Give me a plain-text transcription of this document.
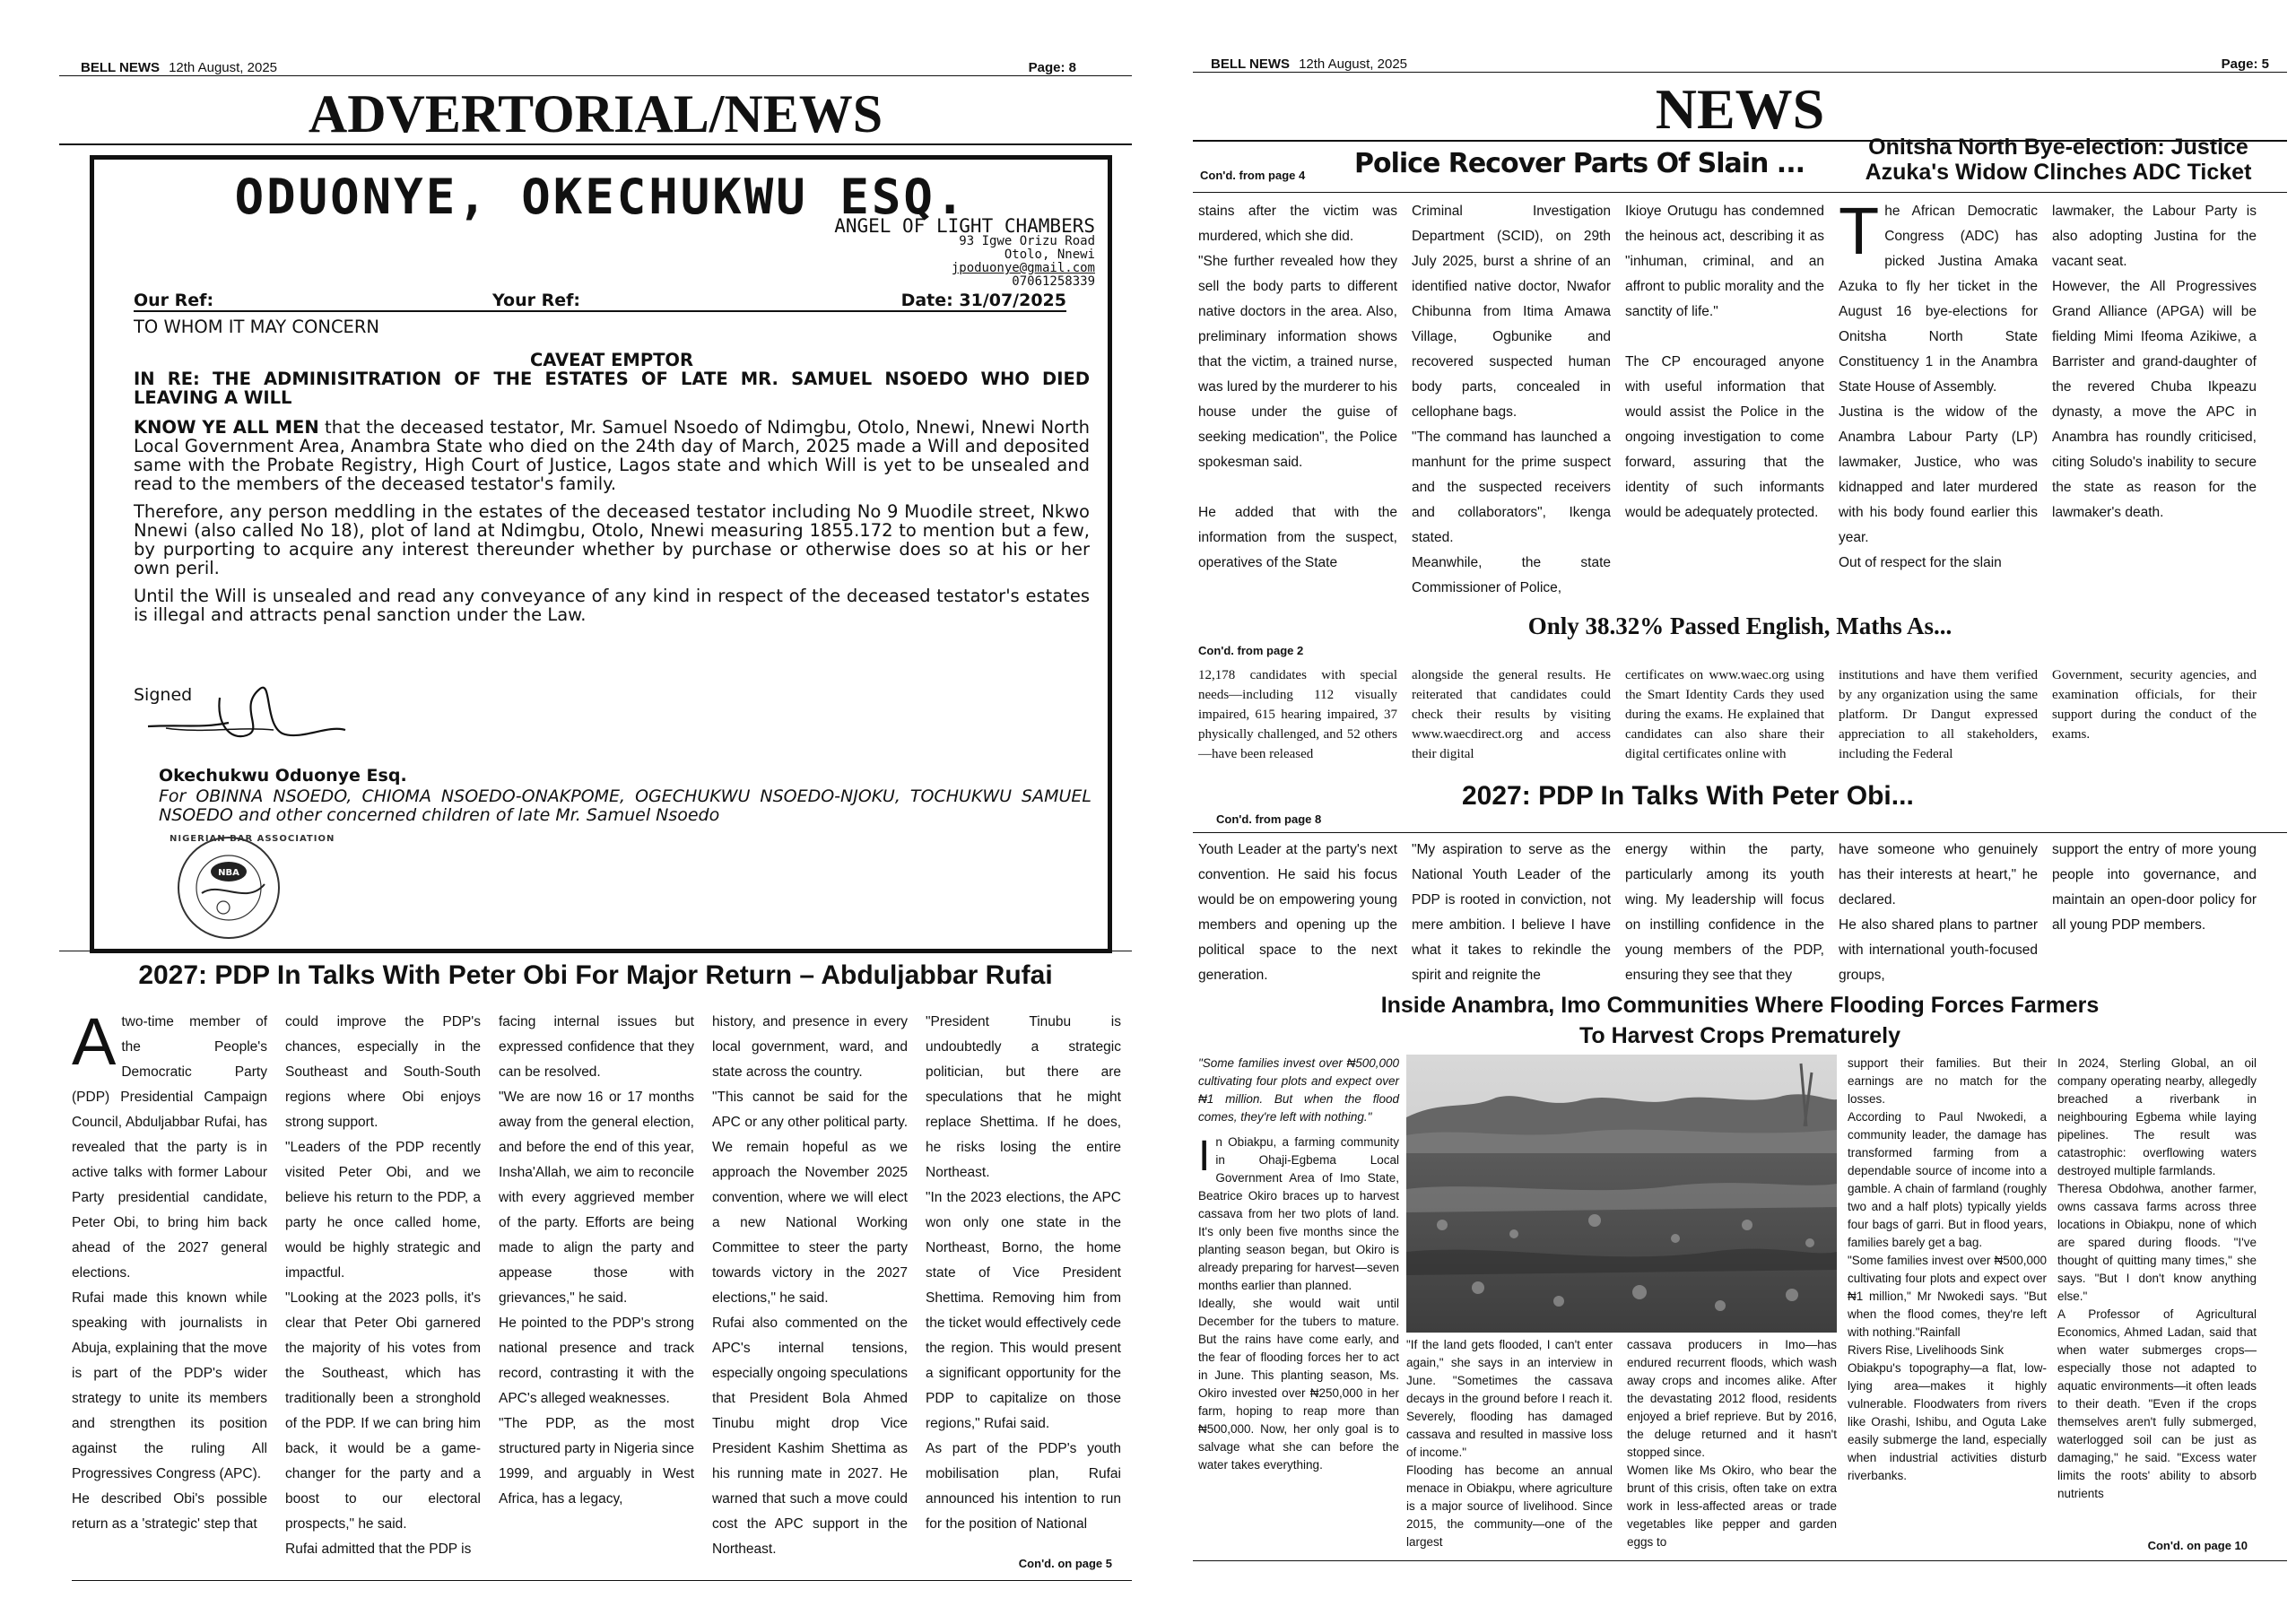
BELL NEWS 12th August, 2025	Page: 8
ADVERTORIAL/NEWS
ODUONYE, OKECHUKWU ESQ.
ANGEL OF LIGHT CHAMBERS
93 Igwe Orizu Road
Otolo, Nnewi
jpoduonye@gmail.com
07061258339
Our Ref:	Your Ref:	Date: 31/07/2025
TO WHOM IT MAY CONCERN
CAVEAT EMPTOR
IN RE: THE ADMINISITRATION OF THE ESTATES OF LATE MR. SAMUEL NSOEDO WHO DIED LEAVING A WILL
KNOW YE ALL MEN that the deceased testator, Mr. Samuel Nsoedo of Ndimgbu, Otolo, Nnewi, Nnewi North Local Government Area, Anambra State who died on the 24th day of March, 2025 made a Will and deposited same with the Probate Registry, High Court of Justice, Lagos state and which Will is yet to be unsealed and read to the members of the deceased testator's family.
Therefore, any person meddling in the estates of the deceased testator including No 9 Muodile street, Nkwo Nnewi (also called No 18), plot of land at Ndimgbu, Otolo, Nnewi measuring 1855.172 to mention but a few, by purporting to acquire any interest thereunder whether by purchase or otherwise does so at his or her own peril.
Until the Will is unsealed and read any conveyance of any kind in respect of the deceased testator's estates is illegal and attracts penal sanction under the Law.
Signed
Okechukwu Oduonye Esq.
For OBINNA NSOEDO, CHIOMA NSOEDO-ONAKPOME, OGECHUKWU NSOEDO-NJOKU, TOCHUKWU SAMUEL NSOEDO and other concerned children of late Mr. Samuel Nsoedo
NBA
NIGERIAN BAR ASSOCIATION
2027: PDP In Talks With Peter Obi For Major Return – Abduljabbar Rufai
A two-time member of the People's Democratic Party (PDP) Presidential Campaign Council, Abduljabbar Rufai, has revealed that the party is in active talks with former Labour Party presidential candidate, Peter Obi, to bring him back ahead of the 2027 general elections.

Rufai made this known while speaking with journalists in Abuja, explaining that the move is part of the PDP's wider strategy to unite its members and strengthen its position against the ruling All Progressives Congress (APC).

He described Obi's possible return as a 'strategic' step that

could improve the PDP's chances, especially in the Southeast and South-South regions where Obi enjoys strong support.

"Leaders of the PDP recently visited Peter Obi, and we believe his return to the PDP, a party he once called home, would be highly strategic and impactful.

"Looking at the 2023 polls, it's clear that Peter Obi garnered the majority of his votes from the Southeast, which has traditionally been a stronghold of the PDP. If we can bring him back, it would be a game-changer for the party and a boost to our electoral prospects," he said.

Rufai admitted that the PDP is

facing internal issues but expressed confidence that they can be resolved.

"We are now 16 or 17 months away from the general election, and before the end of this year, Insha'Allah, we aim to reconcile with every aggrieved member of the party. Efforts are being made to align the party and appease those with grievances," he said.

He pointed to the PDP's strong national presence and track record, contrasting it with the APC's alleged weaknesses.

"The PDP, as the most structured party in Nigeria since 1999, and arguably in West Africa, has a legacy,

history, and presence in every local government, ward, and state across the country.

"This cannot be said for the APC or any other political party. We remain hopeful as we approach the November 2025 convention, where we will elect a new National Working Committee to steer the party towards victory in the 2027 elections," he said.

Rufai also commented on the APC's internal tensions, especially ongoing speculations that President Bola Ahmed Tinubu might drop Vice President Kashim Shettima as his running mate in 2027. He warned that such a move could cost the APC support in the Northeast.

"President Tinubu is undoubtedly a strategic politician, but there are speculations that he might replace Shettima. If he does, he risks losing the entire Northeast.

"In the 2023 elections, the APC won only one state in the Northeast, Borno, the home state of Vice President Shettima. Removing him from the ticket would effectively cede the region. This would present a significant opportunity for the PDP to capitalize on those regions," Rufai said.

As part of the PDP's youth mobilisation plan, Rufai announced his intention to run for the position of National

Con'd. on page 5
BELL NEWS 12th August, 2025	Page: 5
NEWS
Con'd. from page 4 Police Recover Parts Of Slain ...

stains after the victim was murdered, which she did.

"She further revealed how they sell the body parts to different native doctors in the area. Also, preliminary information shows that the victim, a trained nurse, was lured by the murderer to his house under the guise of seeking medication", the Police spokesman said.

He added that with the information from the suspect, operatives of the State

Criminal Investigation Department (SCID), on 29th July 2025, burst a shrine of an identified native doctor, Nwafor Chibunna from Itima Amawa Village, Ogbunike and recovered suspected human body parts, concealed in cellophane bags.

"The command has launched a manhunt for the prime suspect and the suspected receivers and collaborators", Ikenga stated.

Meanwhile, the state Commissioner of Police,

Ikioye Orutugu has condemned the heinous act, describing it as "inhuman, criminal, and an affront to public morality and the sanctity of life."

The CP encouraged anyone with useful information that would assist the Police in the ongoing investigation to come forward, assuring that the identity of such informants would be adequately protected.

Onitsha North Bye-election: Justice
Azuka's Widow Clinches ADC Ticket
T he African Democratic Congress (ADC) has picked Justina Amaka Azuka to fly her ticket in the August 16 bye-elections for Onitsha North State Constituency 1 in the Anambra State House of Assembly.

Justina is the widow of the Anambra Labour Party (LP) lawmaker, Justice, who was kidnapped and later murdered with his body found earlier this year.

Out of respect for the slain

lawmaker, the Labour Party is also adopting Justina for the vacant seat.

However, the All Progressives Grand Alliance (APGA) will be fielding Mimi Ifeoma Azikiwe, a Barrister and grand-daughter of the revered Chuba Ikpeazu dynasty, a move the APC in Anambra has roundly criticised, citing Soludo's inability to secure the state as reason for the lawmaker's death.

Only 38.32% Passed English, Maths As...
Con'd. from page 2
12,178 candidates with special needs—including 112 visually impaired, 615 hearing impaired, 37 physically challenged, and 52 others—have been released
alongside the general results. He reiterated that candidates could check their results by visiting www.waecdirect.org and access their digital
certificates on www.waec.org using the Smart Identity Cards they used during the exams. He explained that candidates can also share their digital certificates online with
institutions and have them verified by any organization using the same platform. Dr Dangut expressed appreciation to all stakeholders, including the Federal
Government, security agencies, and examination officials, for their support during the conduct of the exams.
2027: PDP In Talks With Peter Obi...
Con'd. from page 8
Youth Leader at the party's next convention. He said his focus would be on empowering young members and opening up the political space to the next generation.
"My aspiration to serve as the National Youth Leader of the PDP is rooted in conviction, not mere ambition. I believe I have what it takes to rekindle the spirit and reignite the
energy within the party, particularly among its youth wing. My leadership will focus on instilling confidence in the young members of the PDP, ensuring they see that they

have someone who genuinely has their interests at heart," he declared.

He also shared plans to partner with international youth-focused groups,

support the entry of more young people into governance, and maintain an open-door policy for all young PDP members.
Inside Anambra, Imo Communities Where Flooding Forces Farmers
To Harvest Crops Prematurely

"Some families invest over ₦500,000 cultivating four plots and expect over ₦1 million. But when the flood comes, they're left with nothing."

I n Obiakpu, a farming community in Ohaji-Egbema Local Government Area of Imo State, Beatrice Okiro braces up to harvest cassava from her two plots of land. It's only been five months since the planting season began, but Okiro is already preparing for harvest—seven months earlier than planned.

Ideally, she would wait until December for the tubers to mature. But the rains have come early, and the fear of flooding forces her to act in June. This planting season, Ms. Okiro invested over ₦250,000 in her farm, hoping to reap more than ₦500,000. Now, her only goal is to salvage what she can before the water takes everything.

"If the land gets flooded, I can't enter again," she says in an interview in June. "Sometimes the cassava decays in the ground before I reach it. Severely, flooding has damaged cassava and resulted in massive loss of income."

Flooding has become an annual menace in Obiakpu, where agriculture is a major source of livelihood. Since 2015, the community—one of the largest

cassava producers in Imo—has endured recurrent floods, which wash away crops and incomes alike. After the devastating 2012 flood, residents enjoyed a brief reprieve. But by 2016, the deluge returned and it hasn't stopped since.

Women like Ms Okiro, who bear the brunt of this crisis, often take on extra work in less-affected areas or trade vegetables like pepper and garden eggs to

support their families. But their earnings are no match for the losses.

According to Paul Nwokedi, a community leader, the damage has transformed farming from a dependable source of income into a gamble. A chain of farmland (roughly two and a half plots) typically yields four bags of garri. But in flood years, families barely get a bag.

"Some families invest over ₦500,000 cultivating four plots and expect over ₦1 million," Mr Nwokedi says. "But when the flood comes, they're left with nothing."Rainfall

Rivers Rise, Livelihoods Sink

Obiakpu's topography—a flat, low-lying area—makes it highly vulnerable. Floodwaters from rivers like Orashi, Ishibu, and Oguta Lake easily submerge the land, especially when industrial activities disturb riverbanks.

In 2024, Sterling Global, an oil company operating nearby, allegedly breached a riverbank in neighbouring Egbema while laying pipelines. The result was catastrophic: overflowing waters destroyed multiple farmlands.

Theresa Obdohwa, another farmer, owns cassava farms across three locations in Obiakpu, none of which are spared during floods. "I've thought of quitting many times," she says. "But I don't know anything else."

A Professor of Agricultural Economics, Ahmed Ladan, said that when water submerges crops—especially those not adapted to aquatic environments—it often leads to their death. "Even if the crops themselves aren't fully submerged, waterlogged soil can be just as damaging," he said. "Excess water limits the roots' ability to absorb nutrients

Con'd. on page 10
